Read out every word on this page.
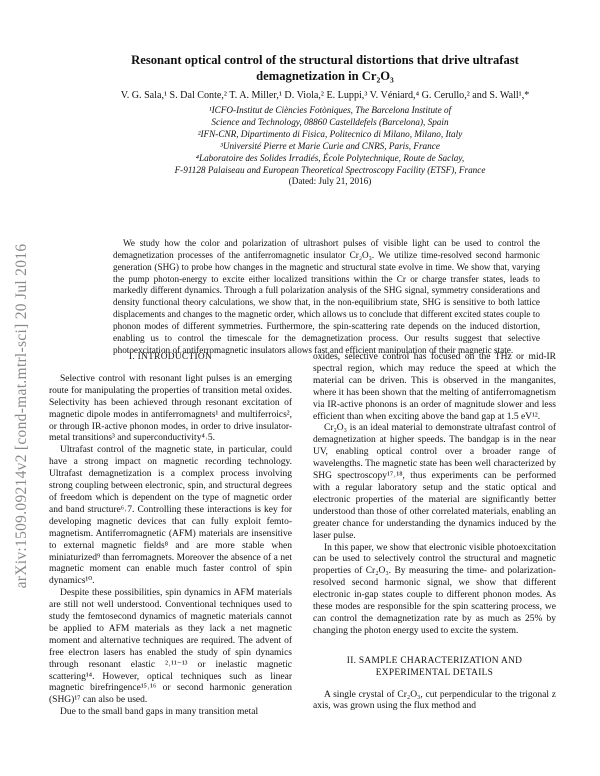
arXiv:1509.09214v2 [cond-mat.mtrl-sci] 20 Jul 2016
Resonant optical control of the structural distortions that drive ultrafast
demagnetization in Cr₂O₃
V. G. Sala,¹ S. Dal Conte,² T. A. Miller,¹ D. Viola,² E. Luppi,³ V. Véniard,⁴ G. Cerullo,² and S. Wall¹,*
¹ICFO-Institut de Ciències Fotòniques, The Barcelona Institute of
Science and Technology, 08860 Castelldefels (Barcelona), Spain
²IFN-CNR, Dipartimento di Fisica, Politecnico di Milano, Milano, Italy
³Université Pierre et Marie Curie and CNRS, Paris, France
⁴Laboratoire des Solides Irradiés, École Polytechnique, Route de Saclay,
F-91128 Palaiseau and European Theoretical Spectroscopy Facility (ETSF), France
(Dated: July 21, 2016)
We study how the color and polarization of ultrashort pulses of visible light can be used to control the demagnetization processes of the antiferromagnetic insulator Cr₂O₃. We utilize time-resolved second harmonic generation (SHG) to probe how changes in the magnetic and structural state evolve in time. We show that, varying the pump photon-energy to excite either localized transitions within the Cr or charge transfer states, leads to markedly different dynamics. Through a full polarization analysis of the SHG signal, symmetry considerations and density functional theory calculations, we show that, in the non-equilibrium state, SHG is sensitive to both lattice displacements and changes to the magnetic order, which allows us to conclude that different excited states couple to phonon modes of different symmetries. Furthermore, the spin-scattering rate depends on the induced distortion, enabling us to control the timescale for the demagnetization process. Our results suggest that selective photoexcitation of antiferromagnetic insulators allows fast and efficient manipulation of their magnetic state.
I. INTRODUCTION

Selective control with resonant light pulses is an emerging route for manipulating the properties of transition metal oxides. Selectivity has been achieved through resonant excitation of magnetic dipole modes in antiferromagnets¹ and multiferroics², or through IR-active phonon modes, in order to drive insulator-metal transitions³ and superconductivity⁴˒5.

Ultrafast control of the magnetic state, in particular, could have a strong impact on magnetic recording technology. Ultrafast demagnetization is a complex process involving strong coupling between electronic, spin, and structural degrees of freedom which is dependent on the type of magnetic order and band structure⁶˒7. Controlling these interactions is key for developing magnetic devices that can fully exploit femto-magnetism. Antiferromagnetic (AFM) materials are insensitive to external magnetic fields⁸ and are more stable when miniaturized⁹ than ferromagnets. Moreover the absence of a net magnetic moment can enable much faster control of spin dynamics¹⁰.

Despite these possibilities, spin dynamics in AFM materials are still not well understood. Conventional techniques used to study the femtosecond dynamics of magnetic materials cannot be applied to AFM materials as they lack a net magnetic moment and alternative techniques are required. The advent of free electron lasers has enabled the study of spin dynamics through resonant elastic ²˒¹¹⁻¹³ or inelastic magnetic scattering¹⁴. However, optical techniques such as linear magnetic birefringence¹⁵˒¹⁶ or second harmonic generation (SHG)¹⁷ can also be used.

Due to the small band gaps in many transition metal

oxides, selective control has focused on the THz or mid-IR spectral region, which may reduce the speed at which the material can be driven. This is observed in the manganites, where it has been shown that the melting of antiferromagnetism via IR-active phonons is an order of magnitude slower and less efficient than when exciting above the band gap at 1.5 eV¹².

Cr₂O₃ is an ideal material to demonstrate ultrafast control of demagnetization at higher speeds. The bandgap is in the near UV, enabling optical control over a broader range of wavelengths. The magnetic state has been well characterized by SHG spectroscopy¹⁷˒¹⁸, thus experiments can be performed with a regular laboratory setup and the static optical and electronic properties of the material are significantly better understood than those of other correlated materials, enabling an greater chance for understanding the dynamics induced by the laser pulse.

In this paper, we show that electronic visible photoexcitation can be used to selectively control the structural and magnetic properties of Cr₂O₃. By measuring the time- and polarization-resolved second harmonic signal, we show that different electronic in-gap states couple to different phonon modes. As these modes are responsible for the spin scattering process, we can control the demagnetization rate by as much as 25% by changing the photon energy used to excite the system.

II. SAMPLE CHARACTERIZATION AND
EXPERIMENTAL DETAILS

A single crystal of Cr₂O₃, cut perpendicular to the trigonal z axis, was grown using the flux method and
